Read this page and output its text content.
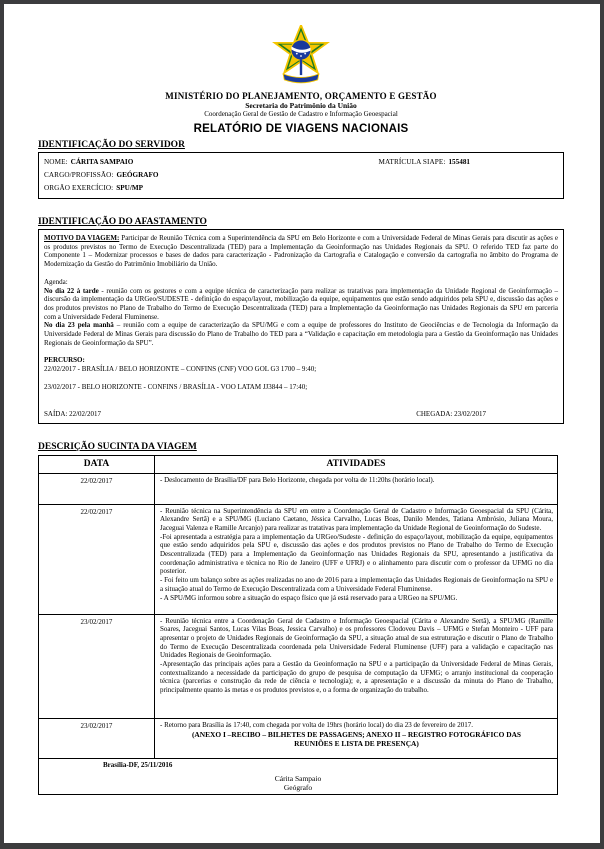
MINISTÉRIO DO PLANEJAMENTO, ORÇAMENTO E GESTÃO
Secretaria do Patrimônio da União
Coordenação Geral de Gestão de Cadastro e Informação Geoespacial
RELATÓRIO DE VIAGENS NACIONAIS
IDENTIFICAÇÃO DO SERVIDOR
NOME: CÁRITA SAMPAIO	MATRÍCULA SIAPE: 155481
CARGO/PROFISSÃO: GEÓGRAFO
ORGÃO EXERCÍCIO: SPU/MP
IDENTIFICAÇÃO DO AFASTAMENTO

MOTIVO DA VIAGEM: Participar de Reunião Técnica com a Superintendência da SPU em Belo Horizonte e com a Universidade Federal de Minas Gerais para discutir as ações e os produtos previstos no Termo de Execução Descentralizada (TED) para a Implementação da Geoinformação nas Unidades Regionais da SPU. O referido TED faz parte do Componente 1 – Modernizar processos e bases de dados para caracterização - Padronização da Cartografia e Catalogação e conversão da cartografia no âmbito do Programa de Modernização da Gestão do Patrimônio Imobiliário da União.

Agenda:

No dia 22 à tarde - reunião com os gestores e com a equipe técnica de caracterização para realizar as tratativas para implementação da Unidade Regional de Geoinformação – discursão da implementação da URGeo/SUDESTE - definição do espaço/layout, mobilização da equipe, equipamentos que estão sendo adquiridos pela SPU e, discussão das ações e dos produtos previstos no Plano de Trabalho do Termo de Execução Descentralizada (TED) para a Implementação da Geoinformação nas Unidades Regionais da SPU em parceria com a Universidade Federal Fluminense.

No dia 23 pela manhã – reunião com a equipe de caracterização da SPU/MG e com a equipe de professores do Instituto de Geociências e de Tecnologia da Informação da Universidade Federal de Minas Gerais para discussão do Plano de Trabalho do TED para a “Validação e capacitação em metodologia para a Gestão da Geoinformação nas Unidades Regionais de Geoinformação da SPU”.

PERCURSO:

22/02/2017 - BRASÍLIA / BELO HORIZONTE – CONFINS (CNF) VOO GOL G3 1700 – 9:40;

23/02/2017 - BELO HORIZONTE - CONFINS / BRASÍLIA - VOO LATAM JJ3844 – 17:40;

SAÍDA: 22/02/2017	CHEGADA: 23/02/2017
DESCRIÇÃO SUCINTA DA VIAGEM
DATA	ATIVIDADES
22/02/2017	- Deslocamento de Brasília/DF para Belo Horizonte, chegada por volta de 11:20hs (horário local).
22/02/2017	- Reunião técnica na Superintendência da SPU em entre a Coordenação Geral de Cadastro e Informação Geoespacial da SPU (Cárita, Alexandre Sertã) e a SPU/MG (Luciano Caetano, Jéssica Carvalho, Lucas Boas, Danilo Mendes, Tatiana Ambrósio, Juliana Moura, Jaceguai Valenza e Ramille Arcanjo) para realizar as tratativas para implementação da Unidade Regional de Geoinformação do Sudeste.
-Foi apresentada a estratégia para a implementação da URGeo/Sudeste - definição do espaço/layout, mobilização da equipe, equipamentos que estão sendo adquiridos pela SPU e, discussão das ações e dos produtos previstos no Plano de Trabalho do Termo de Execução Descentralizada (TED) para a Implementação da Geoinformação nas Unidades Regionais da SPU, apresentando a justificativa da coordenação administrativa e técnica no Rio de Janeiro (UFF e UFRJ) e o alinhamento para discutir com o professor da UFMG no dia posterior.
- Foi feito um balanço sobre as ações realizadas no ano de 2016 para a implementação das Unidades Regionais de Geoinformação na SPU e a situação atual do Termo de Execução Descentralizada com a Universidade Federal Fluminense.
- A SPU/MG informou sobre a situação do espaço físico que já está reservado para a URGeo na SPU/MG.
23/02/2017	- Reunião técnica entre a Coordenação Geral de Cadastro e Informação Geoespacial (Cárita e Alexandre Sertã), a SPU/MG (Ramille Soares, Jaceguai Santos, Lucas Vilas Boas, Jessica Carvalho) e os professores Clodoveu Davis – UFMG e Stefan Monteiro - UFF para apresentar o projeto de Unidades Regionais de Geoinformação da SPU, a situação atual de sua estruturação e discutir o Plano de Trabalho do Termo de Execução Descentralizada coordenada pela Universidade Federal Fluminense (UFF) para a validação e capacitação nas Unidades Regionais de Geoinformação.
-Apresentação das principais ações para a Gestão da Geoinformação na SPU e a participação da Universidade Federal de Minas Gerais, contextualizando a necessidade da participação do grupo de pesquisa de computação da UFMG; o arranjo institucional da cooperação técnica (parcerias e construção da rede de ciência e tecnologia); e, a apresentação e a discussão da minuta do Plano de Trabalho, principalmente quanto às metas e os produtos previstos e, o a forma de organização do trabalho.
23/02/2017	- Retorno para Brasília às 17:40, com chegada por volta de 19hrs (horário local) do dia 23 de fevereiro de 2017.
(ANEXO I –RECIBO – BILHETES DE PASSAGENS; ANEXO II – REGISTRO FOTOGRÁFICO DAS REUNIÕES E LISTA DE PRESENÇA)
Brasília-DF, 25/11/2016
Cárita Sampaio
Geógrafo
